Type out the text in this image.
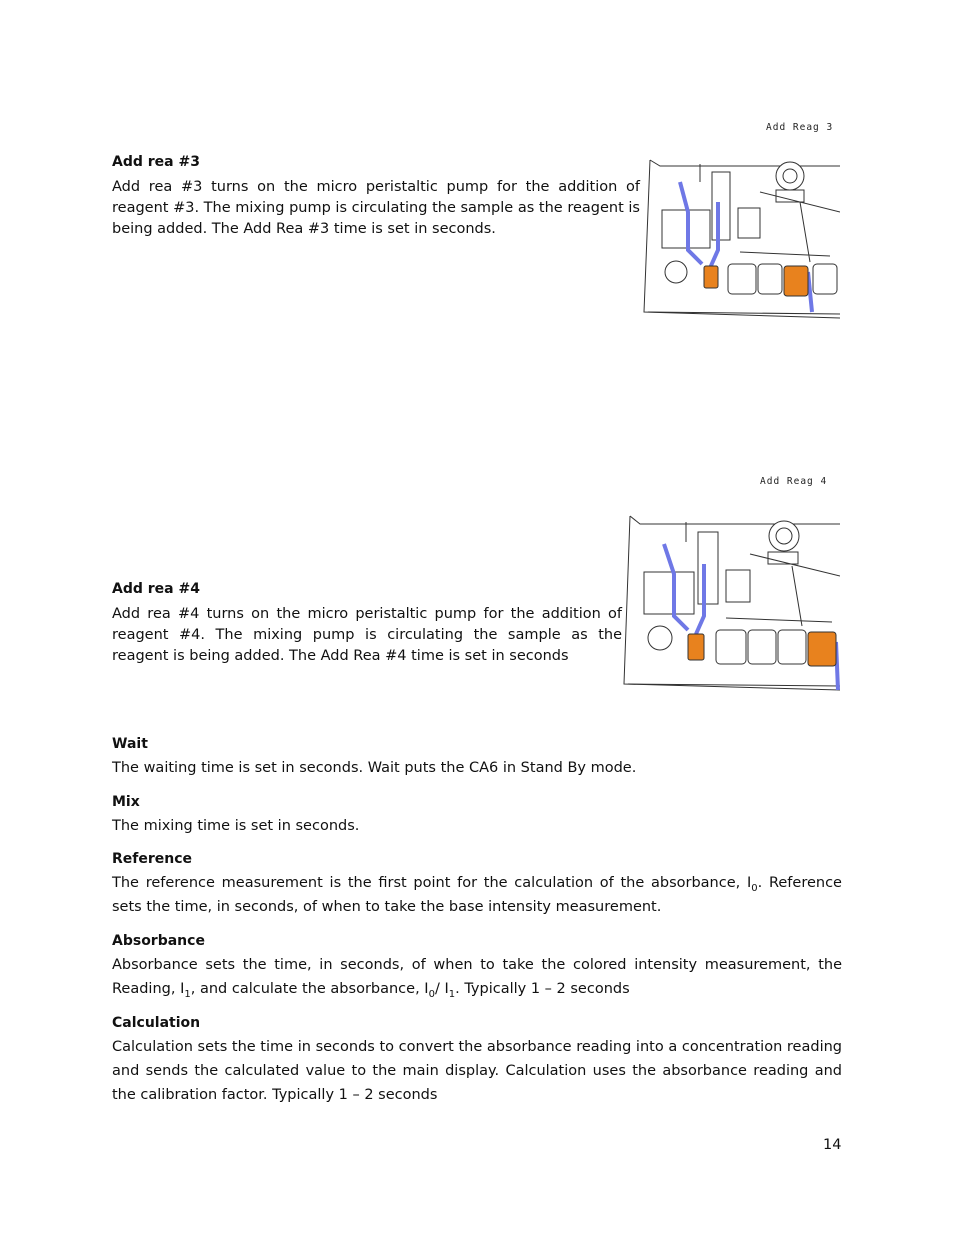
Add Reag 3
Add rea #3
Add rea #3 turns on the micro peristaltic pump for the addition of reagent #3. The mixing pump is circulating the sample as the reagent is being added. The Add Rea #3 time is set in seconds.
Add Reag 4
Add rea #4
Add rea #4 turns on the micro peristaltic pump for the addition of reagent #4. The mixing pump is circulating the sample as the reagent is being added. The Add Rea #4 time is set in seconds
Wait
The waiting time is set in seconds. Wait puts the CA6 in Stand By mode.
Mix
The mixing time is set in seconds.
Reference
The reference measurement is the first point for the calculation of the absorbance, $I_0$. Reference sets the time, in seconds, of when to take the base intensity measurement.
Absorbance
Absorbance sets the time, in seconds, of when to take the colored intensity measurement, the Reading, $I_1$, and calculate the absorbance, $I_0/$ $I_1$. Typically 1 – 2 seconds
Calculation
Calculation sets the time in seconds to convert the absorbance reading into a concentration reading and sends the calculated value to the main display. Calculation uses the absorbance reading and the calibration factor. Typically 1 – 2 seconds
14
